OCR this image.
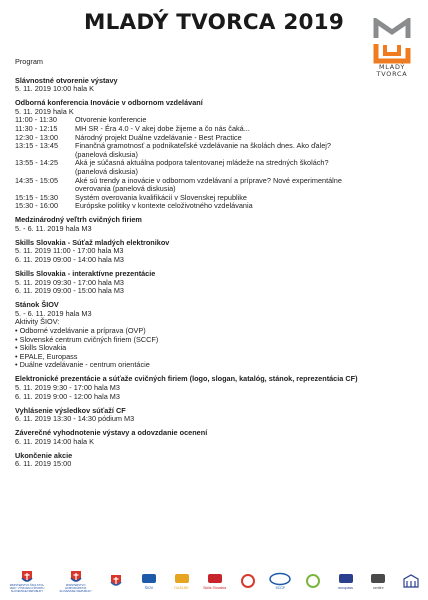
MLADÝ TVORCA 2019
MLADÝ
TVORCA
Program
Slávnostné otvorenie výstavy
5. 11. 2019 10:00 hala K
Odborná konferencia Inovácie v odbornom vzdelávaní
5. 11. 2019 hala K
11:00 - 11:30	Otvorenie konferencie
11:30 - 12:15	MH SR - Éra 4.0 - V akej dobe žijeme a čo nás čaká...
12:30 - 13:00	Národný projekt Duálne vzdelávanie - Best Practice
13:15 - 13:45	Finančná gramotnosť a podnikateľské vzdelávanie na školách dnes. Ako ďalej? (panelová diskusia)
13:55 - 14:25	Aká je súčasná aktuálna podpora talentovanej mládeže na stredných školách? (panelová diskusia)
14:35 - 15:05	Aké sú trendy a inovácie v odbornom vzdelávaní a príprave? Nové experimentálne overovania (panelová diskusia)
15:15 - 15:30	Systém overovania kvalifikácií v Slovenskej republike
15:30 - 16:00	Európske politiky v kontexte celoživotného vzdelávania
Medzinárodný veľtrh cvičných firiem
5. - 6. 11. 2019 hala M3
Skills Slovakia - Súťaž mladých elektronikov
5. 11. 2019 11:00 - 17:00 hala M3
6. 11. 2019 09:00 - 14:00 hala M3
Skills Slovakia - interaktívne prezentácie
5. 11. 2019 09:30 - 17:00 hala M3
6. 11. 2019 09:00 - 15:00 hala M3
Stánok ŠIOV
5. - 6. 11. 2019 hala M3
Aktivity ŠIOV:
• Odborné vzdelávanie a príprava (OVP)
• Slovenské centrum cvičných firiem (SCCF)
• Skills Slovakia
• EPALE, Europass
• Duálne vzdelávanie - centrum orientácie
Elektronické prezentácie a súťaže cvičných firiem (logo, slogan, katalóg, stánok, reprezentácia CF)
5. 11. 2019 9:30 - 17:00 hala M3
6. 11. 2019 9:00 - 12:00 hala M3
Vyhlásenie výsledkov súťaží CF
6. 11. 2019 13:30 - 14:30 pódium M3
Záverečné vyhodnotenie výstavy a odovzdanie ocenení
6. 11. 2019 14:00 hala K
Ukončenie akcie
6. 11. 2019 15:00
MINISTERSTVO ŠKOLSTVA, VEDY, VÝSKUMU A ŠPORTU SLOVENSKEJ REPUBLIKY
MINISTERSTVO HOSPODÁRSTVA SLOVENSKEJ REPUBLIKY
ŠIOV	DUÁLNE	Skills Slovakia	SCCF	europass	centire
